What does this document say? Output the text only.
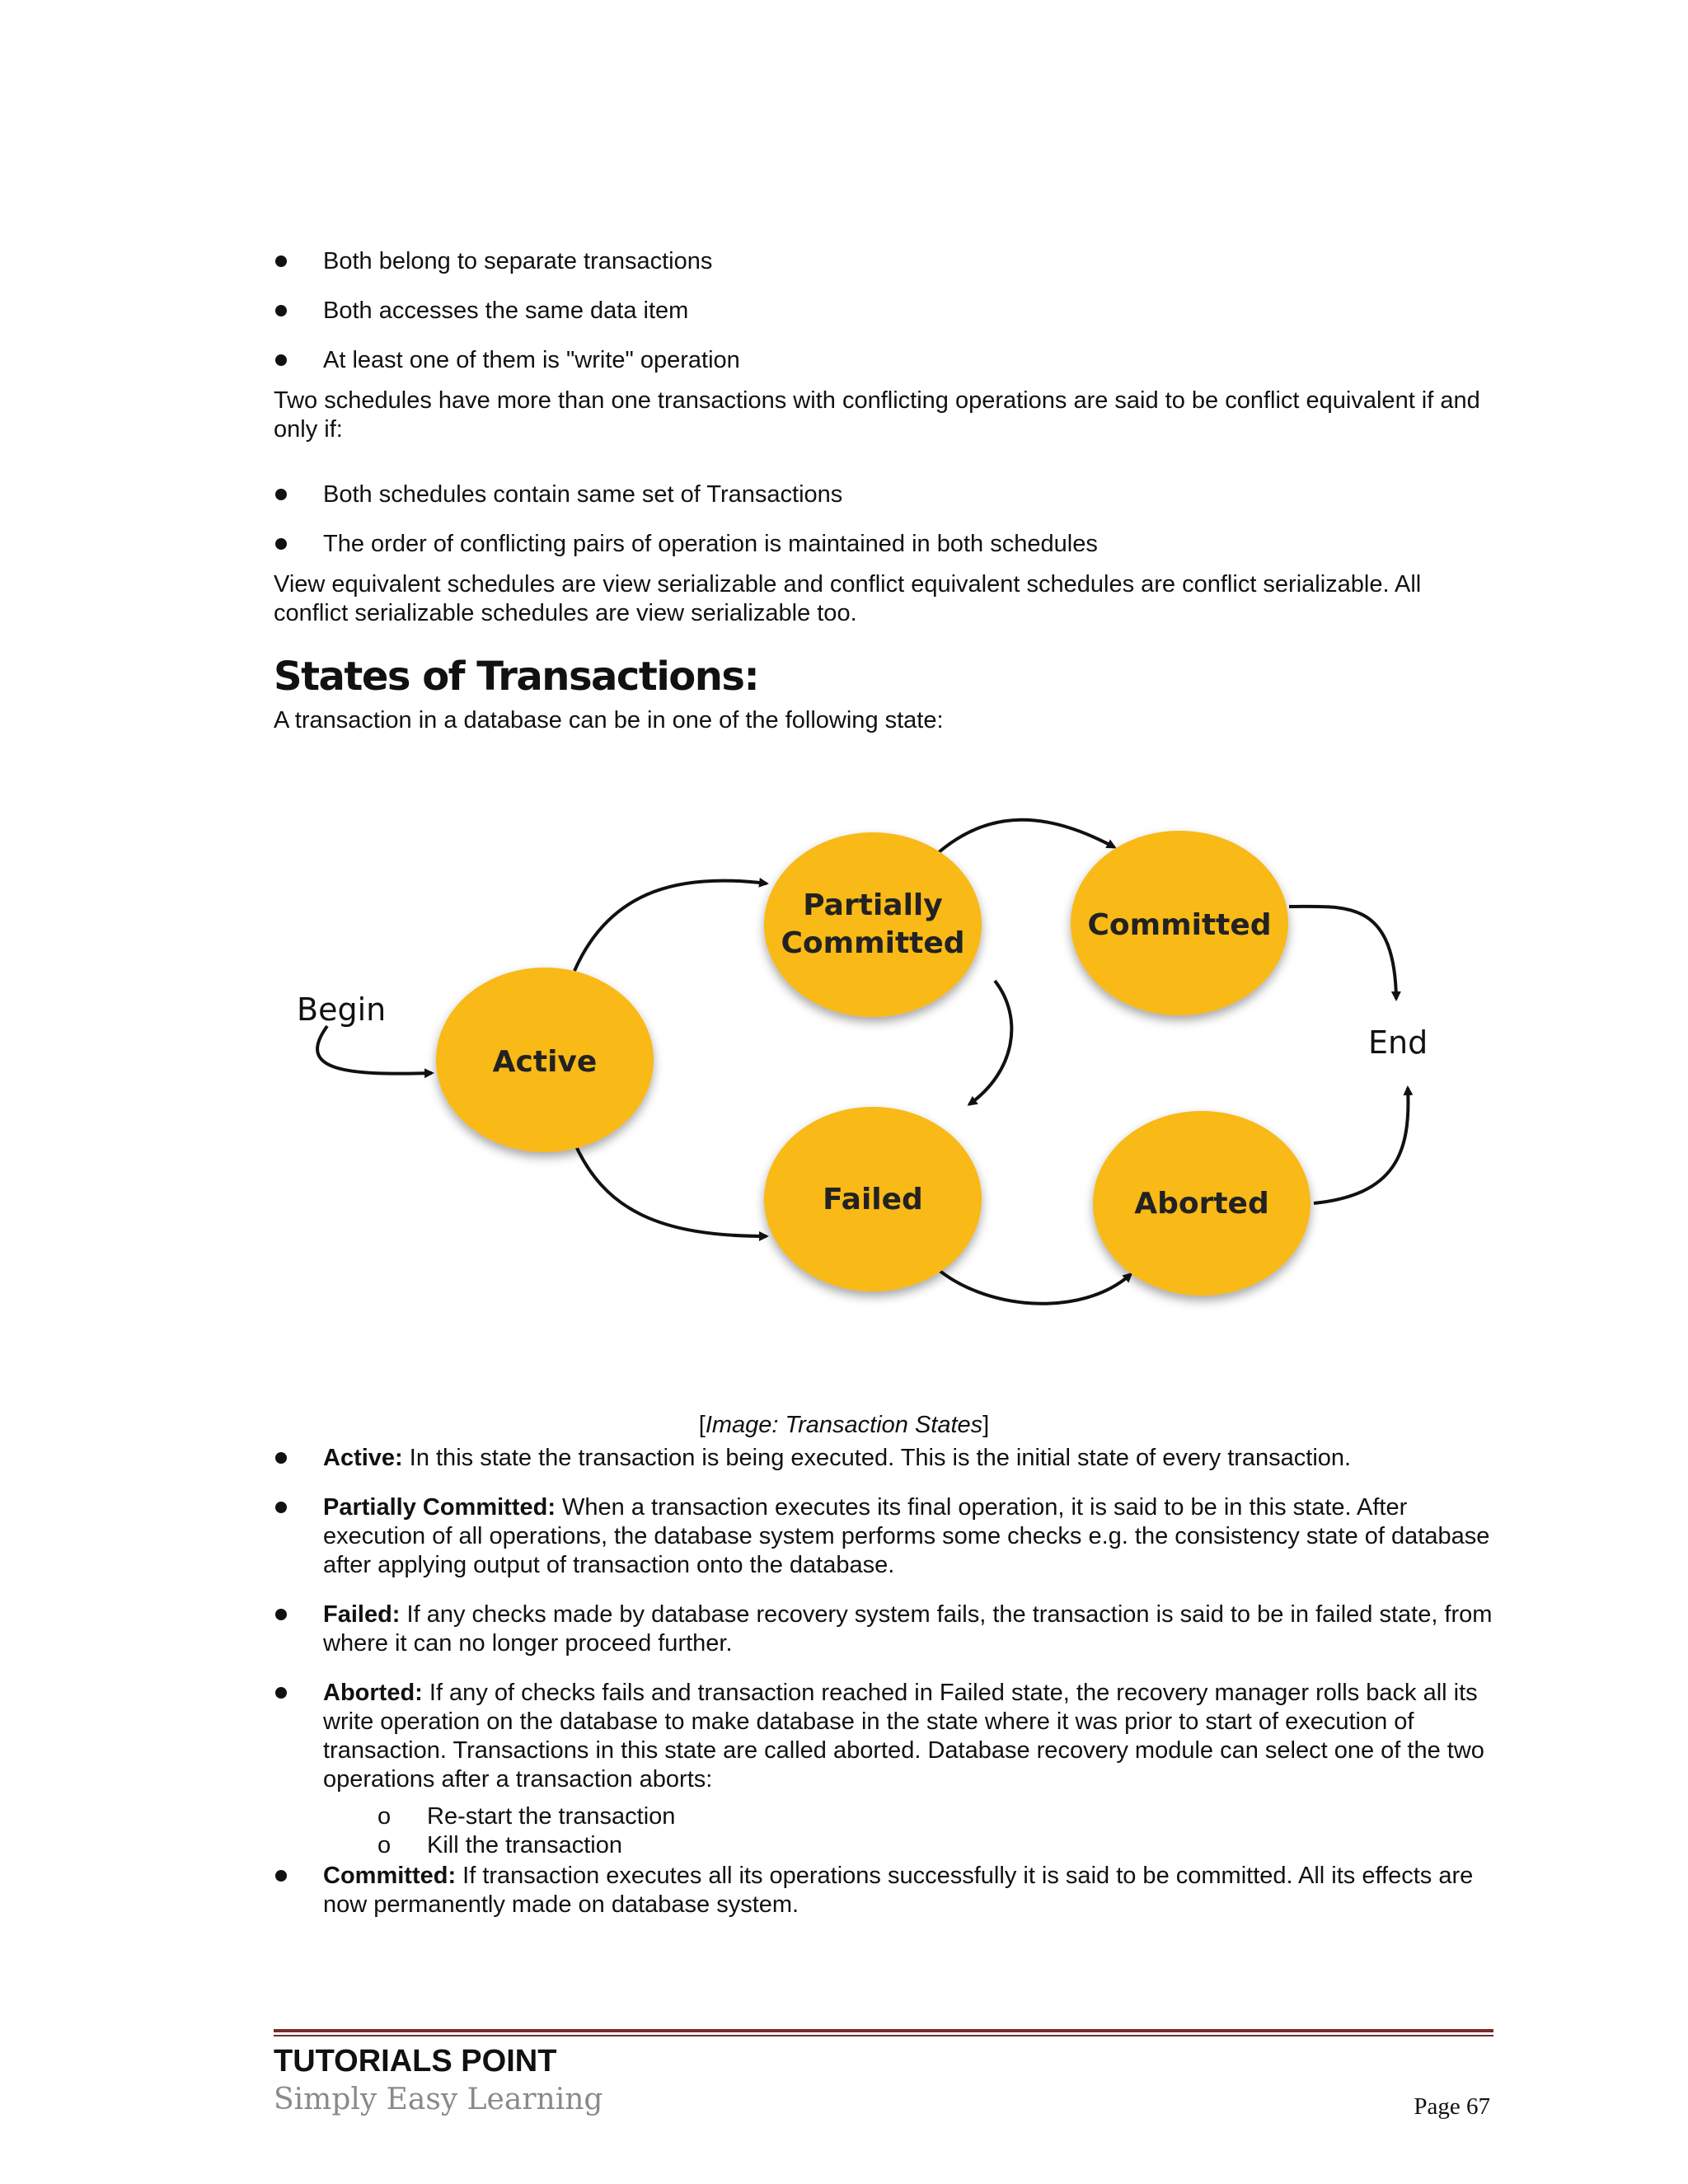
Both belong to separate transactions
Both accesses the same data item
At least one of them is "write" operation

Two schedules have more than one transactions with conflicting operations are said to be conflict equivalent if and only if:

Both schedules contain same set of Transactions
The order of conflicting pairs of operation is maintained in both schedules

View equivalent schedules are view serializable and conflict equivalent schedules are conflict serializable. All conflict serializable schedules are view serializable too.

States of Transactions:

A transaction in a database can be in one of the following state:

Begin
End
Active
Partially
Committed
Committed
Failed	Aborted
[Image: Transaction States]
Active: In this state the transaction is being executed. This is the initial state of every transaction.
Partially Committed: When a transaction executes its final operation, it is said to be in this state. After execution of all operations, the database system performs some checks e.g. the consistency state of database after applying output of transaction onto the database.
Failed: If any checks made by database recovery system fails, the transaction is said to be in failed state, from where it can no longer proceed further.
Aborted: If any of checks fails and transaction reached in Failed state, the recovery manager rolls back all its write operation on the database to make database in the state where it was prior to start of execution of transaction. Transactions in this state are called aborted. Database recovery module can select one of the two operations after a transaction aborts:
o Re-start the transaction
o Kill the transaction
Committed: If transaction executes all its operations successfully it is said to be committed. All its effects are now permanently made on database system.
TUTORIALS POINT
Simply Easy Learning	Page 67
